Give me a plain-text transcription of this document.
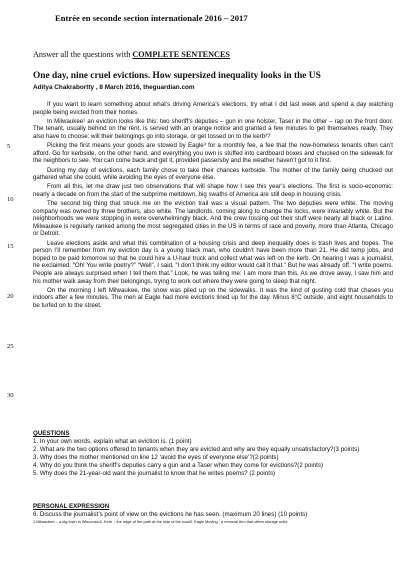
Entrée en seconde section internationale 2016 – 2017
Answer all the questions with COMPLETE SENTENCES
One day, nine cruel evictions. How supersized inequality looks in the US
Aditya Chakrabortty , 8 March 2016, theguardian.com
5
10
15
20
25
30

If you want to learn something about what’s driving America’s elections, try what I did last week and spend a day watching people being evicted from their homes.

In Milwaukee¹ an eviction looks like this: two sheriff’s deputies – gun in one holster, Taser in the other – rap on the front door. The tenant, usually behind on the rent, is served with an orange notice and granted a few minutes to get themselves ready. They also have to choose: will their belongings go into storage, or get tossed on to the kerb²?

Picking the first means your goods are stowed by Eagle³ for a monthly fee, a fee that the now-homeless tenants often can’t afford. Go for kerbside, on the other hand, and everything you own is stuffed into cardboard boxes and chucked on the sidewalk for the neighbors to see. You can come back and get it, provided passersby and the weather haven’t got to it first.

During my day of evictions, each family chose to take their chances kerbside. The mother of the family being chucked out gathered what she could, while avoiding the eyes of everyone else.

From all this, let me draw just two observations that will shape how I see this year’s elections. The first is socio-economic: nearly a decade on from the start of the subprime meltdown, big swaths of America are still deep in housing crisis.

The second big thing that struck me on the eviction trail was a visual pattern. The two deputies were white. The moving company was owned by three brothers, also white. The landlords, coming along to change the locks, were invariably white. But the neighborhoods we were stopping in were overwhelmingly black. And the crew tossing out their stuff were nearly all black or Latino. Milwaukee is regularly ranked among the most segregated cities in the US in terms of race and poverty, more than Atlanta, Chicago or Detroit.

Leave elections aside and what this combination of a housing crisis and deep inequality does is trash lives and hopes. The person I’ll remember from my eviction day is a young black man, who couldn’t have been more than 21. He did temp jobs, and hoped to be paid tomorrow so that he could hire a U-haul truck and collect what was left on the kerb. On hearing I was a journalist, he exclaimed: “Oh! You write poetry?” “Well”, I said, “I don’t think my editor would call it that.” But he was already off. “I write poems. People are always surprised when I tell them that.” Look, he was telling me: I am more than this. As we drove away, I saw him and his mother walk away from their belongings, trying to work out where they were going to sleep that night.

On the morning I left Milwaukee, the snow was piled up on the sidewalks. It was the kind of gusting cold that chases you indoors after a few minutes. The men at Eagle had more evictions lined up for the day. Minus 8°C outside, and eight households to be turfed on to the street.

QUESTIONS
1. In your own words, explain what an eviction is. (1 point)
2. What are the two options offered to tenants when they are evicted and why are they equally unsatisfactory?(3 points)
3. Why does the mother mentioned on line 12 ‘avoid the eyes of everyone else’?(2 points)
4. Why do you think the sheriff’s deputies carry a gun and a Taser when they come for evictions?(2 points)
5. Why does the 21-year-old want the journalist to know that he writes poems? (2 points)
PERSONAL EXPRESSION
6. Discuss the journalist’s point of view on the evictions he has seen. (maximum 20 lines) (10 points)
1.Milwaukee – a big town in Wisconsin2. Kerb – the edge of the path at the side of the road3. Eagle Moving : a removal firm that offers storage units
